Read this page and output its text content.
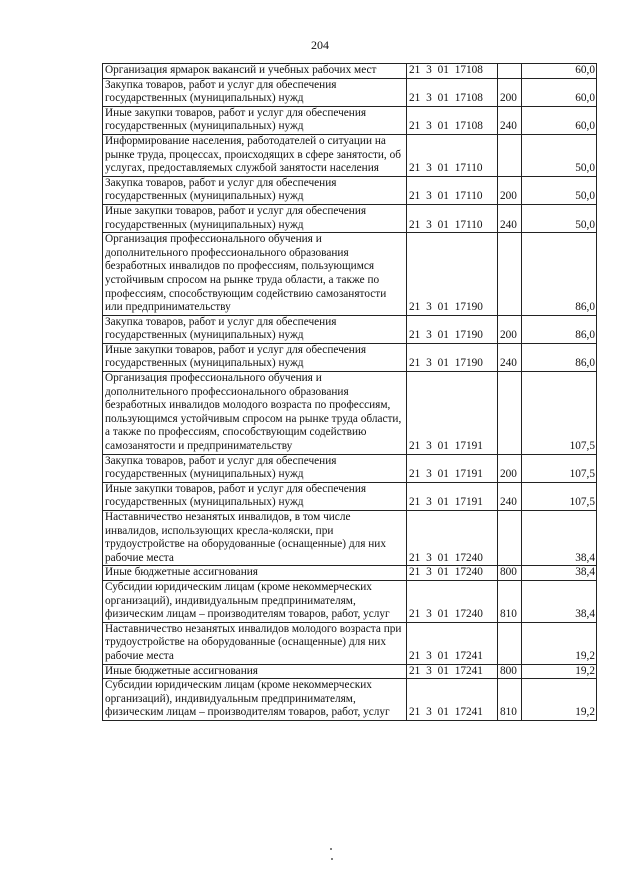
204
Организация ярмарок вакансий и учебных рабочих мест	21 3 01 17108		60,0
Закупка товаров, работ и услуг для обеспечения государственных (муниципальных) нужд	21 3 01 17108	200	60,0
Иные закупки товаров, работ и услуг для обеспечения государственных (муниципальных) нужд	21 3 01 17108	240	60,0
Информирование населения, работодателей о ситуации на рынке труда, процессах, происходящих в сфере занятости, об услугах, предоставляемых службой занятости населения	21 3 01 17110		50,0
Закупка товаров, работ и услуг для обеспечения государственных (муниципальных) нужд	21 3 01 17110	200	50,0
Иные закупки товаров, работ и услуг для обеспечения государственных (муниципальных) нужд	21 3 01 17110	240	50,0
Организация профессионального обучения и дополнительного профессионального образования безработных инвалидов по профессиям, пользующимся устойчивым спросом на рынке труда области, а также по профессиям, способствующим содействию самозанятости или предпринимательству	21 3 01 17190		86,0
Закупка товаров, работ и услуг для обеспечения государственных (муниципальных) нужд	21 3 01 17190	200	86,0
Иные закупки товаров, работ и услуг для обеспечения государственных (муниципальных) нужд	21 3 01 17190	240	86,0
Организация профессионального обучения и дополнительного профессионального образования безработных инвалидов молодого возраста по профессиям, пользующимся устойчивым спросом на рынке труда области, а также по профессиям, способствующим содействию самозанятости и предпринимательству	21 3 01 17191		107,5
Закупка товаров, работ и услуг для обеспечения государственных (муниципальных) нужд	21 3 01 17191	200	107,5
Иные закупки товаров, работ и услуг для обеспечения государственных (муниципальных) нужд	21 3 01 17191	240	107,5
Наставничество незанятых инвалидов, в том числе инвалидов, использующих кресла-коляски, при трудоустройстве на оборудованные (оснащенные) для них рабочие места	21 3 01 17240		38,4
Иные бюджетные ассигнования	21 3 01 17240	800	38,4
Субсидии юридическим лицам (кроме некоммерческих организаций), индивидуальным предпринимателям, физическим лицам – производителям товаров, работ, услуг	21 3 01 17240	810	38,4
Наставничество незанятых инвалидов молодого возраста при трудоустройстве на оборудованные (оснащенные) для них рабочие места	21 3 01 17241		19,2
Иные бюджетные ассигнования	21 3 01 17241	800	19,2
Субсидии юридическим лицам (кроме некоммерческих организаций), индивидуальным предпринимателям, физическим лицам – производителям товаров, работ, услуг	21 3 01 17241	810	19,2
